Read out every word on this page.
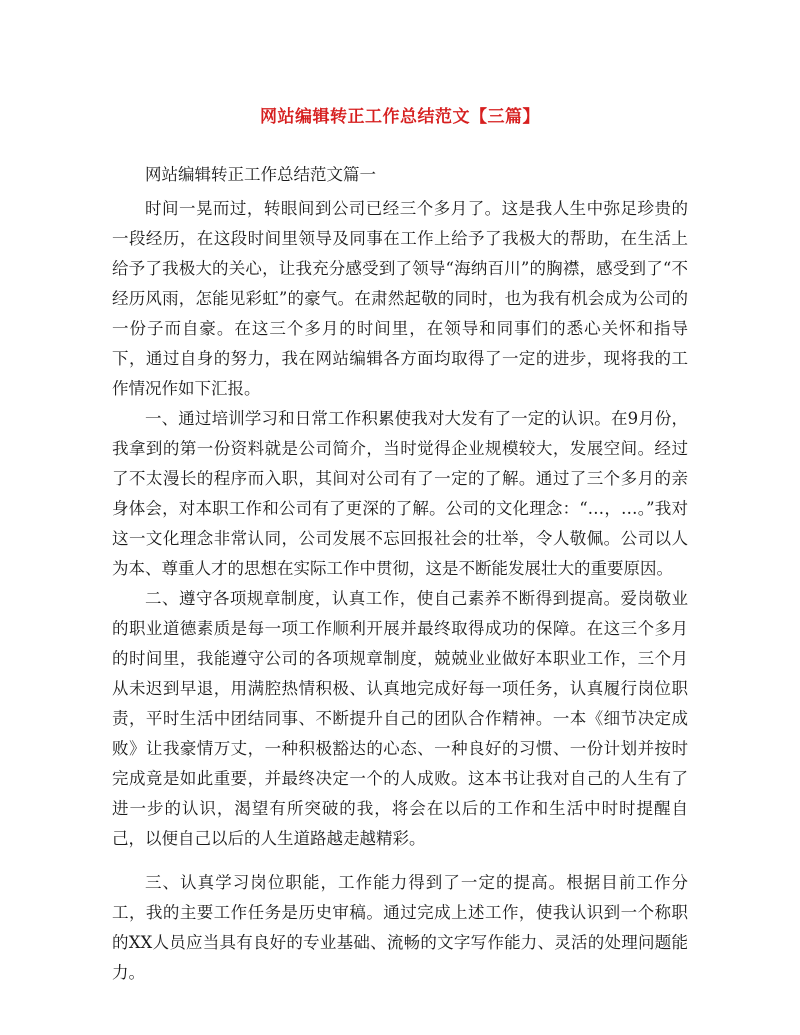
网站编辑转正工作总结范文【三篇】

网站编辑转正工作总结范文篇一

时间一晃而过，转眼间到公司已经三个多月了。这是我人生中弥足珍贵的一段经历，在这段时间里领导及同事在工作上给予了我极大的帮助，在生活上给予了我极大的关心，让我充分感受到了领导“海纳百川”的胸襟，感受到了“不经历风雨，怎能见彩虹”的豪气。在肃然起敬的同时，也为我有机会成为公司的一份子而自豪。在这三个多月的时间里，在领导和同事们的悉心关怀和指导下，通过自身的努力，我在网站编辑各方面均取得了一定的进步，现将我的工作情况作如下汇报。

一、通过培训学习和日常工作积累使我对大发有了一定的认识。在9月份，我拿到的第一份资料就是公司简介，当时觉得企业规模较大，发展空间。经过了不太漫长的程序而入职，其间对公司有了一定的了解。通过了三个多月的亲身体会，对本职工作和公司有了更深的了解。公司的文化理念：“…，…。”我对这一文化理念非常认同，公司发展不忘回报社会的壮举，令人敬佩。公司以人为本、尊重人才的思想在实际工作中贯彻，这是不断能发展壮大的重要原因。

二、遵守各项规章制度，认真工作，使自己素养不断得到提高。爱岗敬业的职业道德素质是每一项工作顺利开展并最终取得成功的保障。在这三个多月的时间里，我能遵守公司的各项规章制度，兢兢业业做好本职业工作，三个月从未迟到早退，用满腔热情积极、认真地完成好每一项任务，认真履行岗位职责，平时生活中团结同事、不断提升自己的团队合作精神。一本《细节决定成败》让我豪情万丈，一种积极豁达的心态、一种良好的习惯、一份计划并按时完成竟是如此重要，并最终决定一个的人成败。这本书让我对自己的人生有了进一步的认识，渴望有所突破的我，将会在以后的工作和生活中时时提醒自己，以便自己以后的人生道路越走越精彩。

三、认真学习岗位职能，工作能力得到了一定的提高。根据目前工作分工，我的主要工作任务是历史审稿。通过完成上述工作，使我认识到一个称职的XX人员应当具有良好的专业基础、流畅的文字写作能力、灵活的处理问题能力。
